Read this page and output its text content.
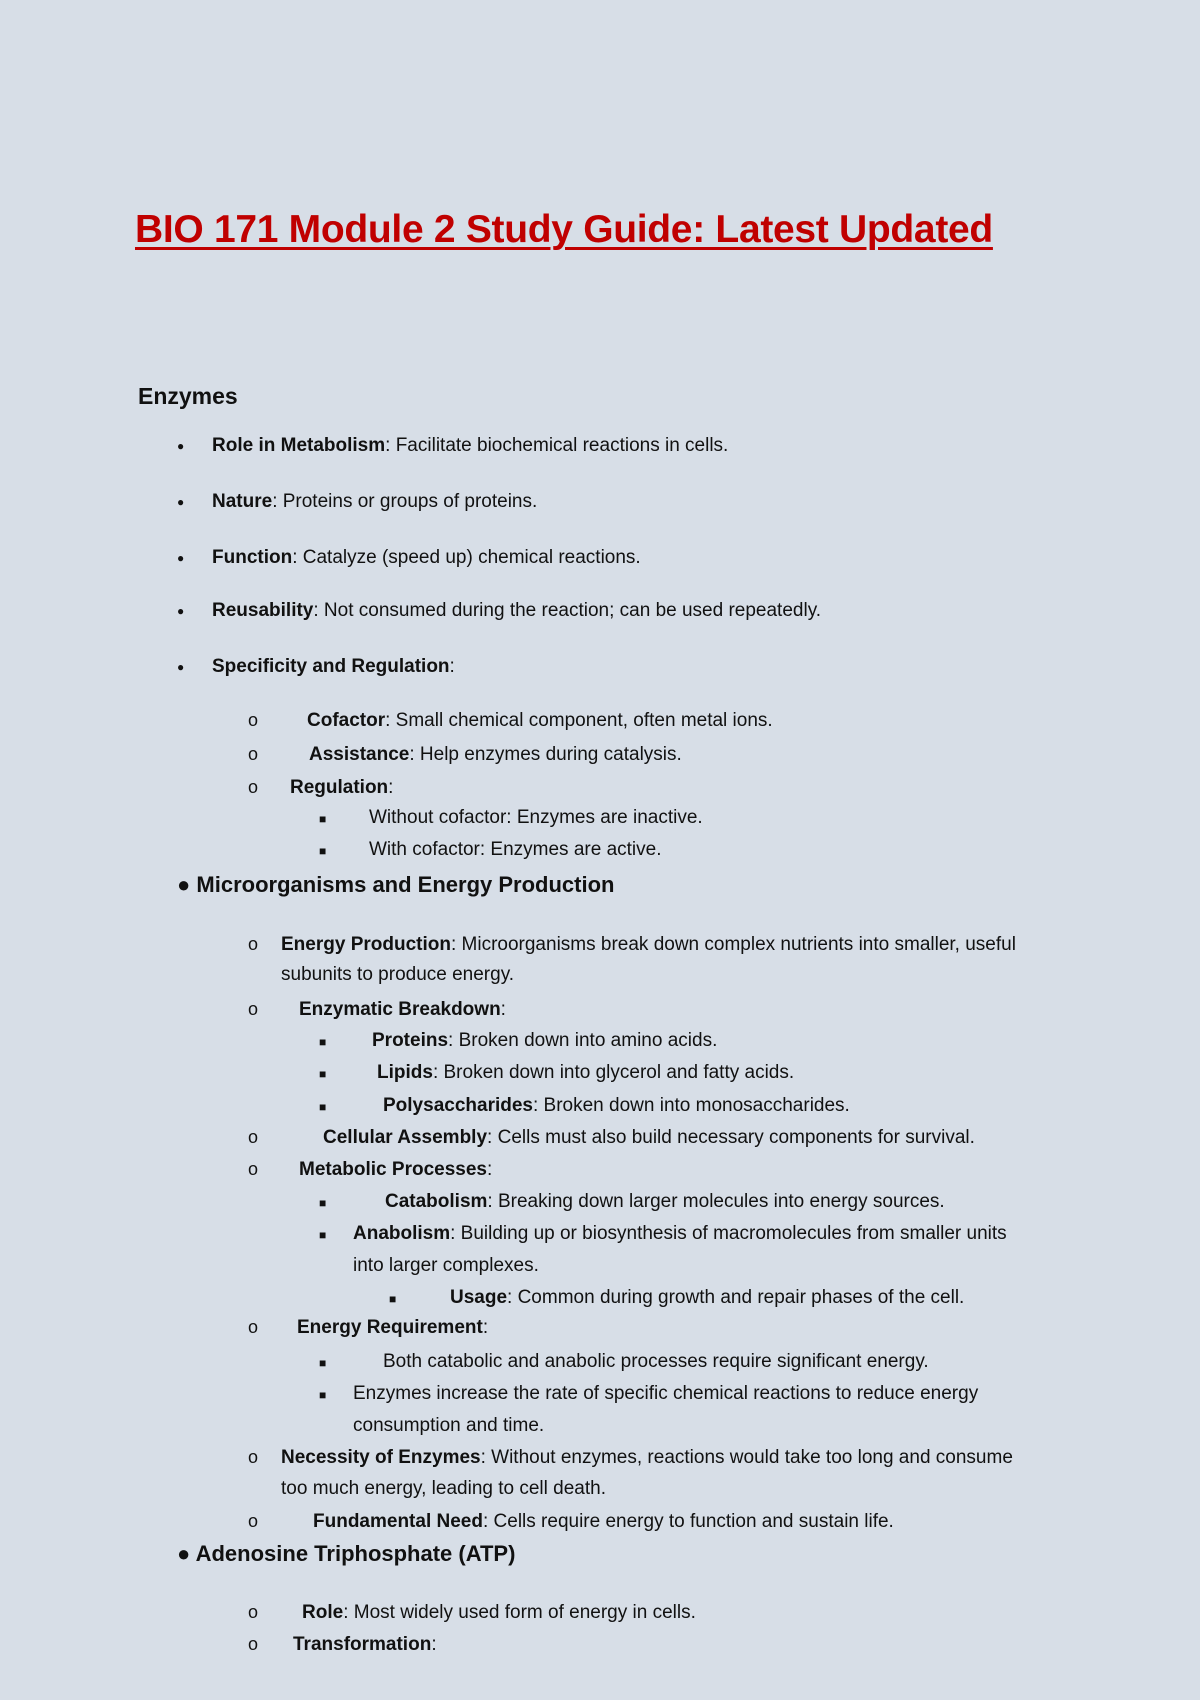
BIO 171 Module 2 Study Guide: Latest Updated
Enzymes
●
Role in Metabolism: Facilitate biochemical reactions in cells.
●
Nature: Proteins or groups of proteins.
●
Function: Catalyze (speed up) chemical reactions.
●
Reusability: Not consumed during the reaction; can be used repeatedly.
●
Specificity and Regulation:
o
Cofactor: Small chemical component, often metal ions.
o
Assistance: Help enzymes during catalysis.
o
Regulation:
■
Without cofactor: Enzymes are inactive.
■
With cofactor: Enzymes are active.
● Microorganisms and Energy Production
o
Energy Production: Microorganisms break down complex nutrients into smaller, useful
subunits to produce energy.
o
Enzymatic Breakdown:
■
Proteins: Broken down into amino acids.
■
Lipids: Broken down into glycerol and fatty acids.
■
Polysaccharides: Broken down into monosaccharides.
o
Cellular Assembly: Cells must also build necessary components for survival.
o
Metabolic Processes:
■
Catabolism: Breaking down larger molecules into energy sources.
■
Anabolism: Building up or biosynthesis of macromolecules from smaller units
into larger complexes.
■
Usage: Common during growth and repair phases of the cell.
o
Energy Requirement:
■
Both catabolic and anabolic processes require significant energy.
■
Enzymes increase the rate of specific chemical reactions to reduce energy
consumption and time.
o
Necessity of Enzymes: Without enzymes, reactions would take too long and consume
too much energy, leading to cell death.
o
Fundamental Need: Cells require energy to function and sustain life.
● Adenosine Triphosphate (ATP)
o
Role: Most widely used form of energy in cells.
o
Transformation:
